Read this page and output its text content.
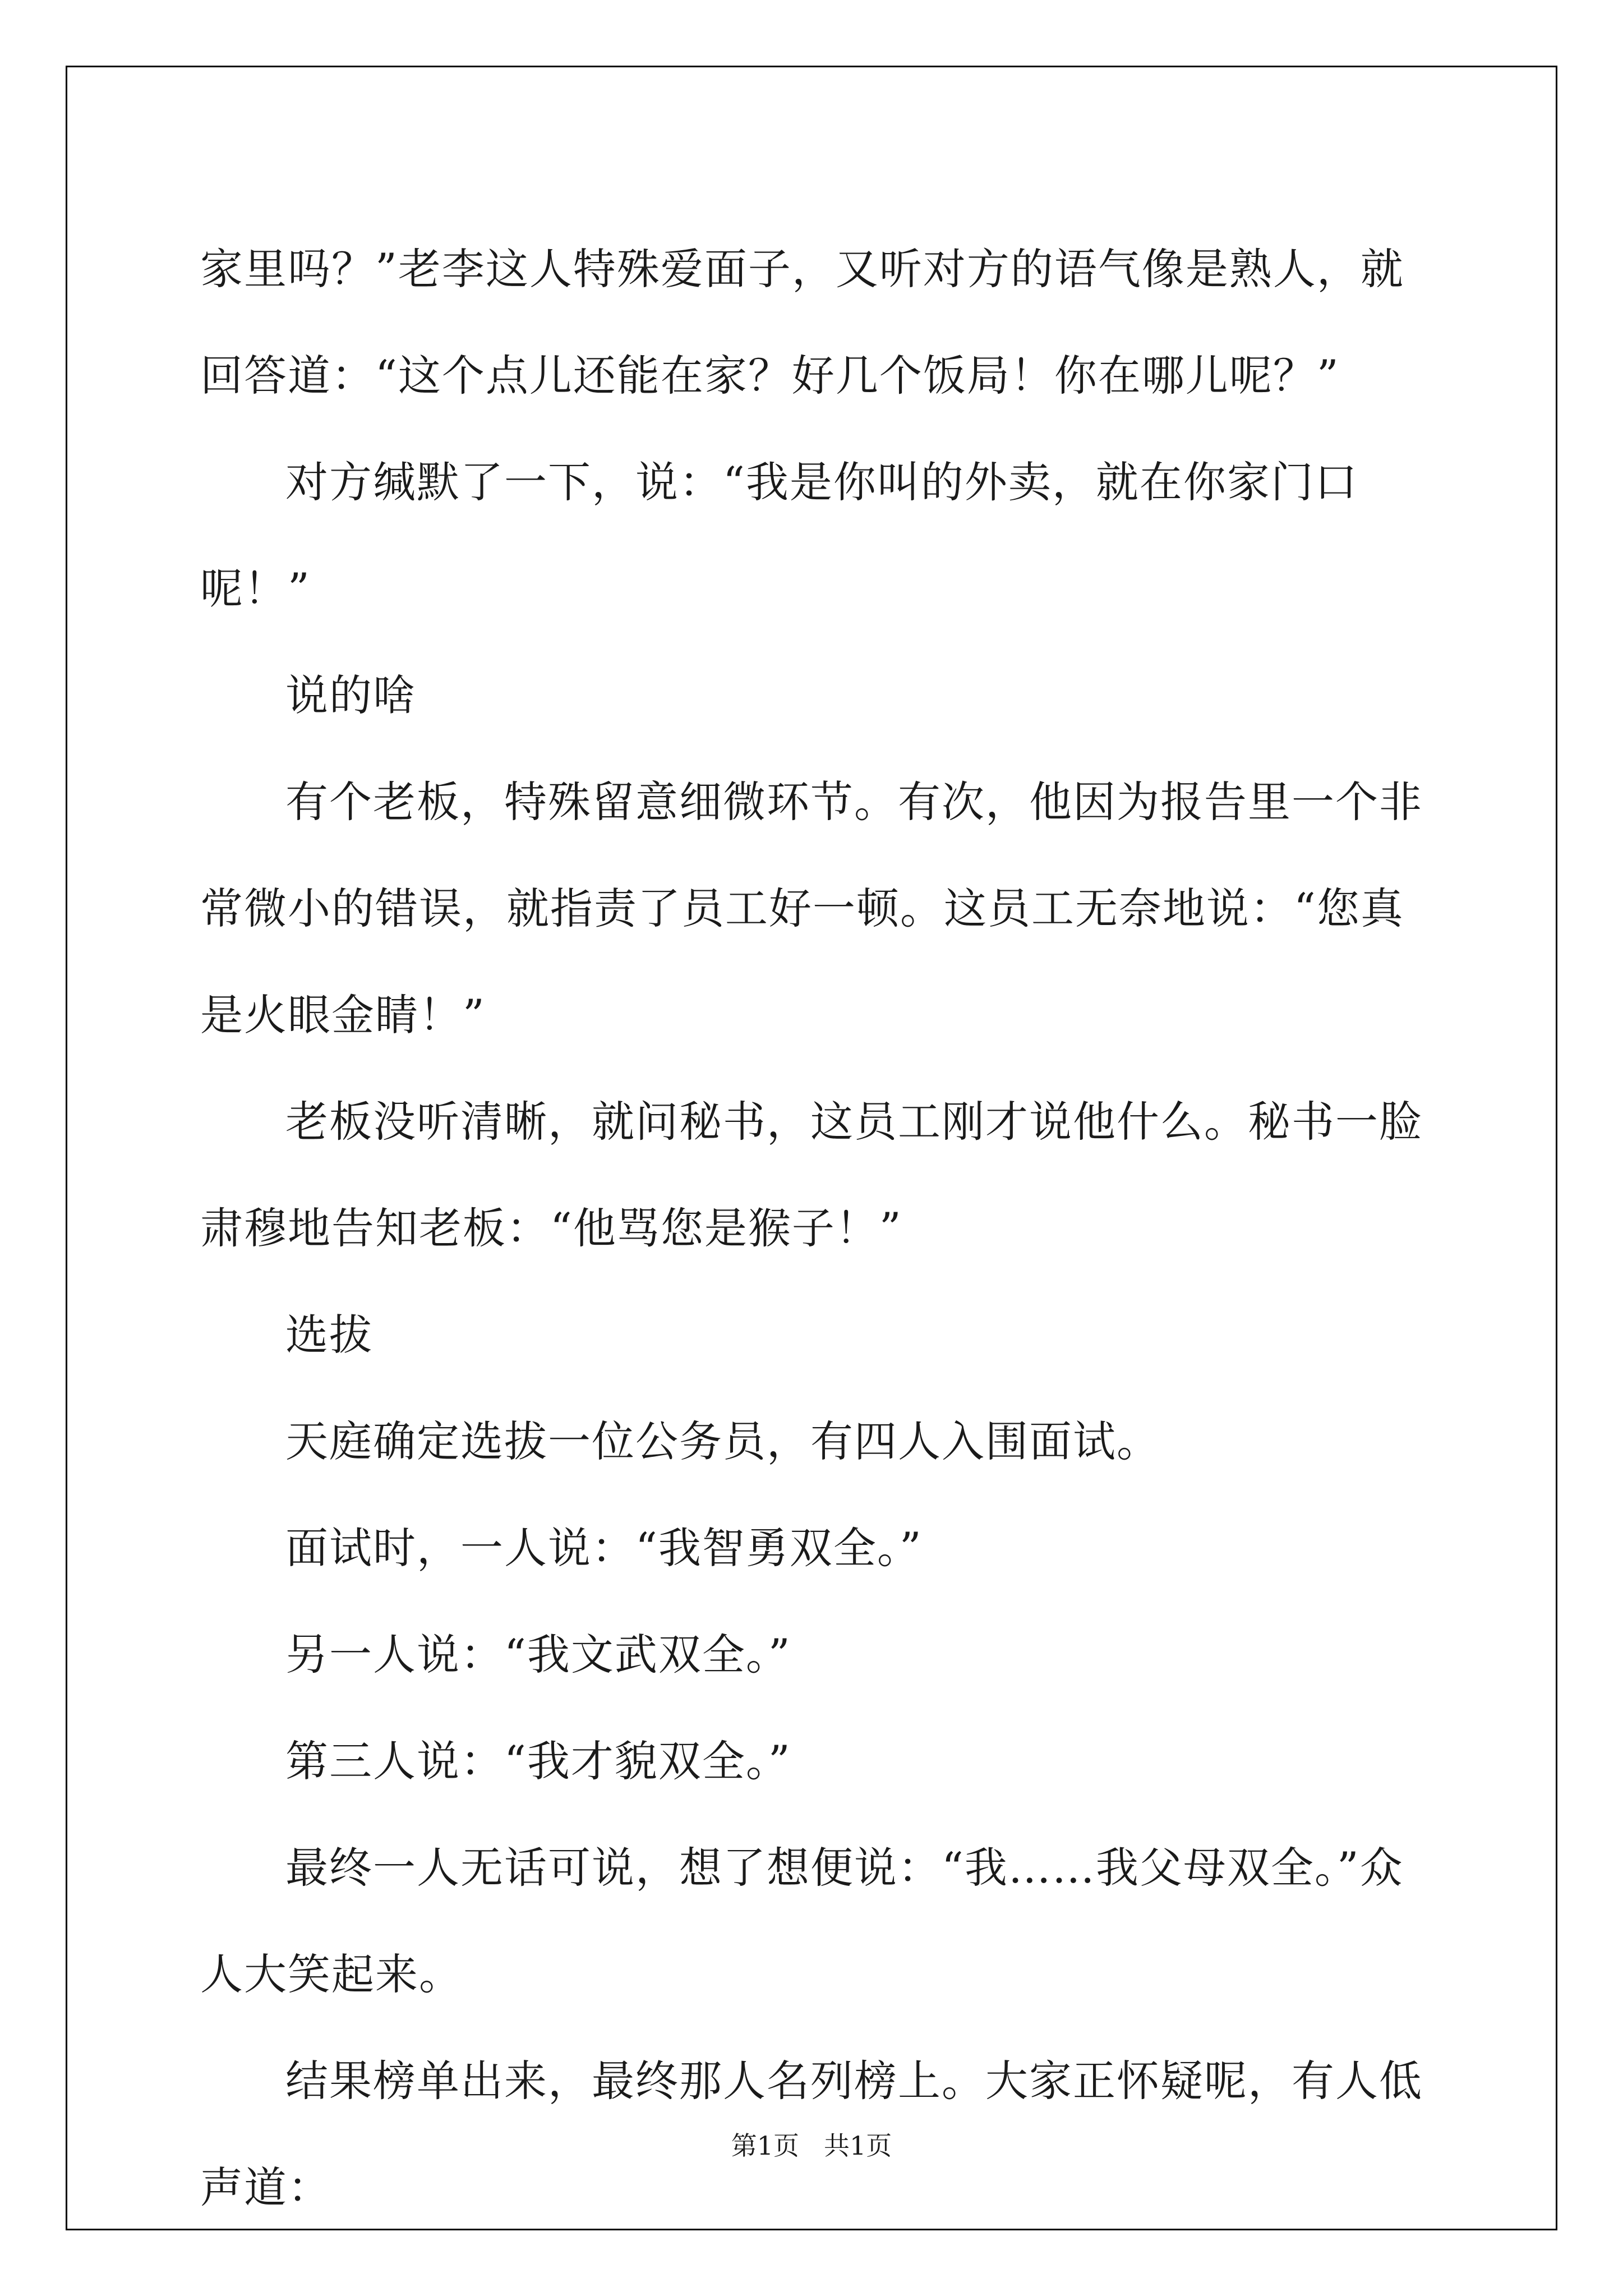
家里吗？”老李这人特殊爱面子，又听对方的语气像是熟人，就回答道：“这个点儿还能在家？好几个饭局！你在哪儿呢？”

对方缄默了一下，说：“我是你叫的外卖，就在你家门口呢！”

说的啥

有个老板，特殊留意细微环节。有次，他因为报告里一个非常微小的错误，就指责了员工好一顿。这员工无奈地说：“您真是火眼金睛！”

老板没听清晰，就问秘书，这员工刚才说他什么。秘书一脸肃穆地告知老板：“他骂您是猴子！”

选拔

天庭确定选拔一位公务员，有四人入围面试。

面试时，一人说：“我智勇双全。”

另一人说：“我文武双全。”

第三人说：“我才貌双全。”

最终一人无话可说，想了想便说：“我……我父母双全。”众人大笑起来。

结果榜单出来，最终那人名列榜上。大家正怀疑呢，有人低声道：

第1页 共1页
